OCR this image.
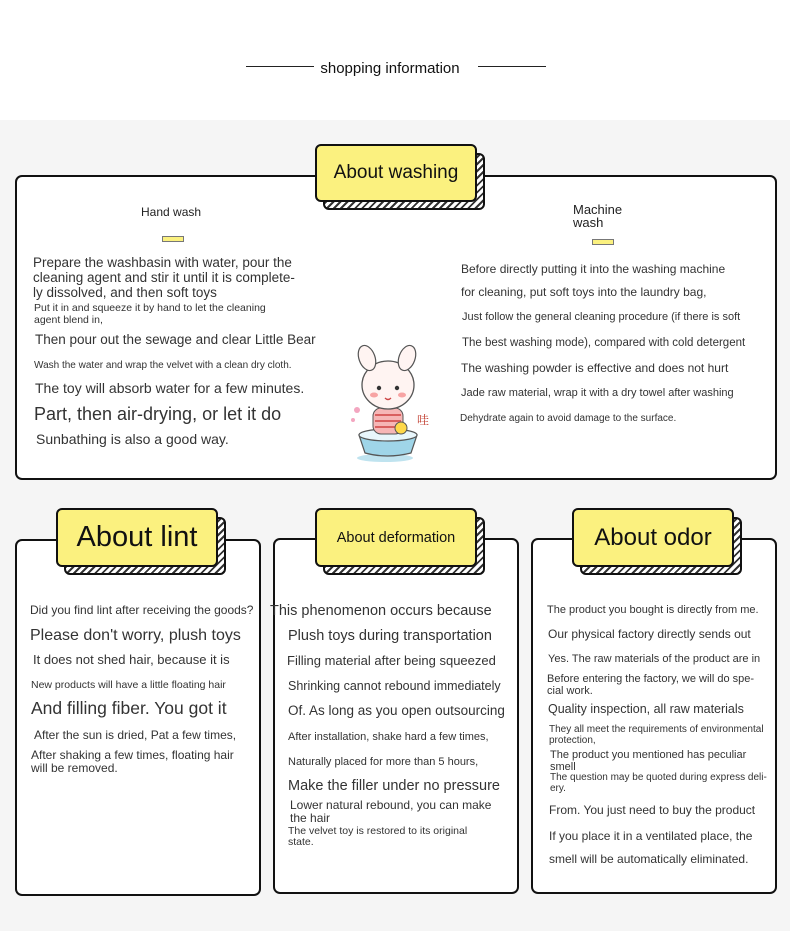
shopping information
About washing
Hand wash
Prepare the washbasin with water, pour the
cleaning agent and stir it until it is complete-
ly dissolved, and then soft toys
Put it in and squeeze it by hand to let the cleaning
agent blend in,
Then pour out the sewage and clear Little Bear
Wash the water and wrap the velvet with a clean dry cloth.
The toy will absorb water for a few minutes.
Part, then air-drying, or let it do
Sunbathing is also a good way.
哇
Machine
wash
Before directly putting it into the washing machine
for cleaning, put soft toys into the laundry bag,
Just follow the general cleaning procedure (if there is soft
The best washing mode), compared with cold detergent
The washing powder is effective and does not hurt
Jade raw material, wrap it with a dry towel after washing
Dehydrate again to avoid damage to the surface.
About lint
Did you find lint after receiving the goods?
Please don't worry, plush toys
It does not shed hair, because it is
New products will have a little floating hair
And filling fiber. You got it
After the sun is dried, Pat a few times,
After shaking a few times, floating hair will be removed.
About deformation
This phenomenon occurs because
Plush toys during transportation
Filling material after being squeezed
Shrinking cannot rebound immediately
Of. As long as you open outsourcing
After installation, shake hard a few times,
Naturally placed for more than 5 hours,
Make the filler under no pressure
Lower natural rebound, you can make the hair
The velvet toy is restored to its original state.
About odor
The product you bought is directly from me.
Our physical factory directly sends out
Yes. The raw materials of the product are in
Before entering the factory, we will do spe-cial work.
Quality inspection, all raw materials
They all meet the requirements of environmental protection,
The product you mentioned has peculiar smell
The question may be quoted during express deli-ery.
From. You just need to buy the product
If you place it in a ventilated place, the
smell will be automatically eliminated.
